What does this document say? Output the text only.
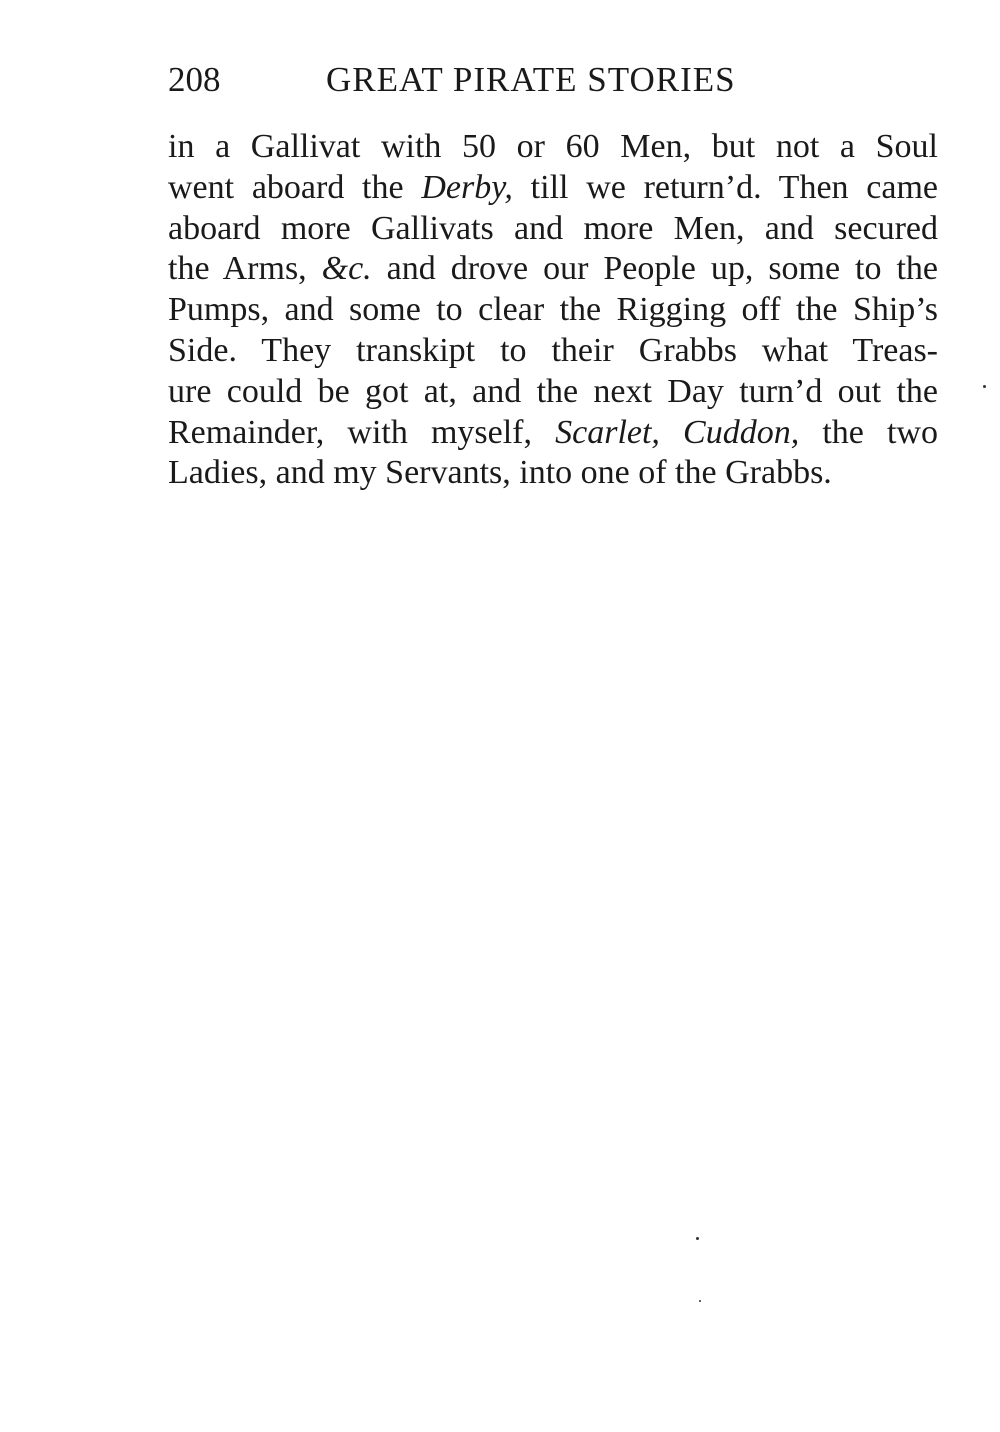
208	GREAT PIRATE STORIES
in a Gallivat with 50 or 60 Men, but not a Soul
went aboard the Derby, till we return’d. Then came
aboard more Gallivats and more Men, and secured
the Arms, &c. and drove our People up, some to the
Pumps, and some to clear the Rigging off the Ship’s
Side. They transkipt to their Grabbs what Treas-
ure could be got at, and the next Day turn’d out the
Remainder, with myself, Scarlet, Cuddon, the two
Ladies, and my Servants, into one of the Grabbs.
